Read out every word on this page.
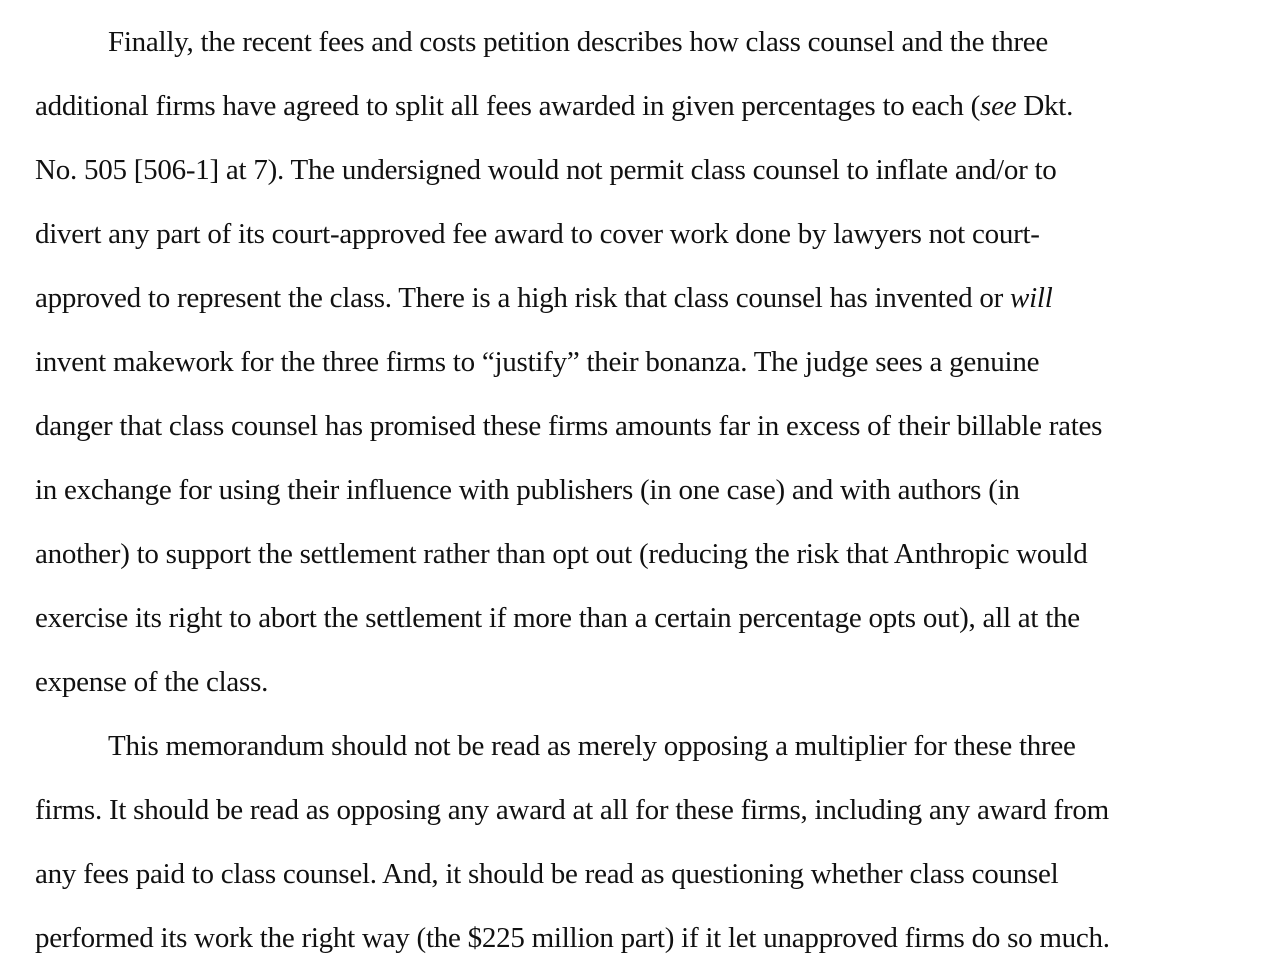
Finally, the recent fees and costs petition describes how class counsel and the three
additional firms have agreed to split all fees awarded in given percentages to each (see Dkt.
No. 505 [506-1] at 7). The undersigned would not permit class counsel to inflate and/or to
divert any part of its court-approved fee award to cover work done by lawyers not court-
approved to represent the class. There is a high risk that class counsel has invented or will
invent makework for the three firms to “justify” their bonanza. The judge sees a genuine
danger that class counsel has promised these firms amounts far in excess of their billable rates
in exchange for using their influence with publishers (in one case) and with authors (in
another) to support the settlement rather than opt out (reducing the risk that Anthropic would
exercise its right to abort the settlement if more than a certain percentage opts out), all at the
expense of the class.
This memorandum should not be read as merely opposing a multiplier for these three
firms. It should be read as opposing any award at all for these firms, including any award from
any fees paid to class counsel. And, it should be read as questioning whether class counsel
performed its work the right way (the $225 million part) if it let unapproved firms do so much.
